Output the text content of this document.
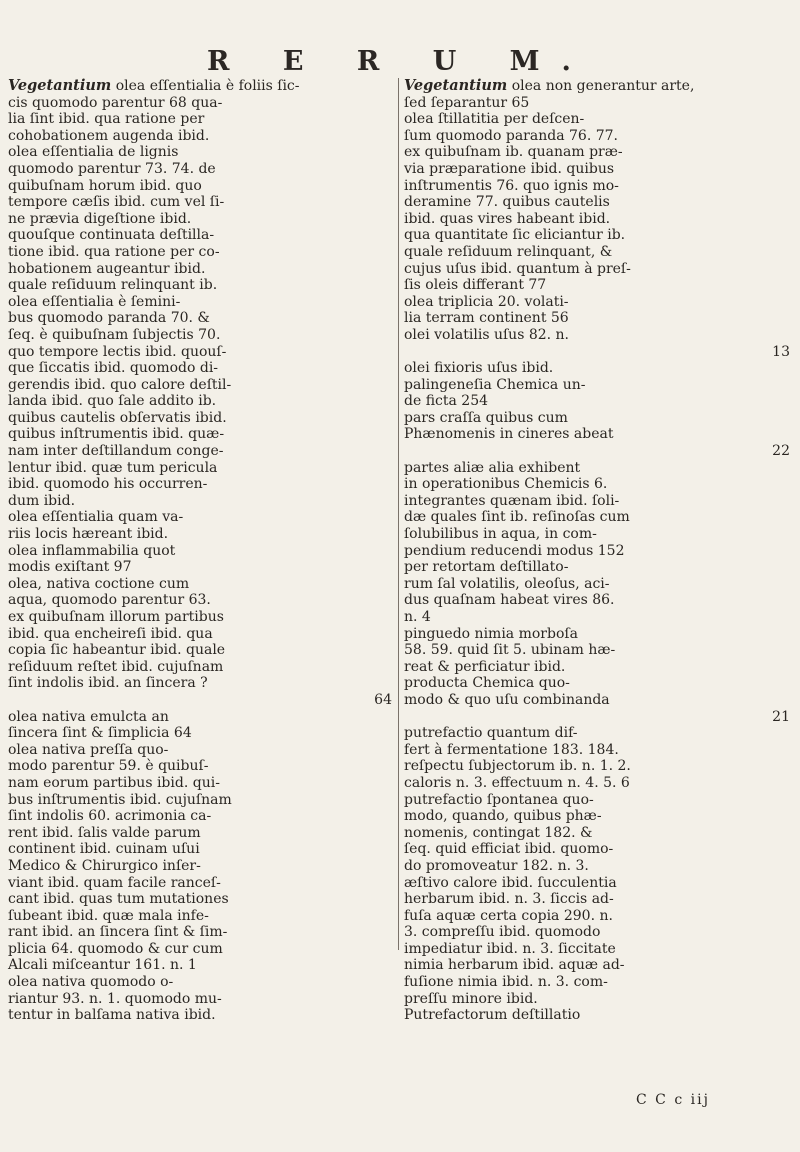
R E R U M.
Vegetantium olea eſſentialia è foliis ſic-
cis quomodo parentur 68 qua-
lia ſint ibid. qua ratione per
cohobationem augenda ibid.
olea eſſentialia de lignis
quomodo parentur 73. 74. de
quibuſnam horum ibid. quo
tempore cæſis ibid. cum vel ſi-
ne prævia digeſtione ibid.
quouſque continuata deſtilla-
tione ibid. qua ratione per co-
hobationem augeantur ibid.
quale reſiduum relinquant ib.
olea eſſentialia è ſemini-
bus quomodo paranda 70. &
ſeq. è quibuſnam ſubjectis 70.
quo tempore lectis ibid. quouſ-
que ſiccatis ibid. quomodo di-
gerendis ibid. quo calore deſtil-
landa ibid. quo ſale addito ib.
quibus cautelis obſervatis ibid.
quibus inſtrumentis ibid. quæ-
nam inter deſtillandum conge-
lentur ibid. quæ tum pericula
ibid. quomodo his occurren-
dum ibid.
olea eſſentialia quam va-
riis locis hæreant ibid.
olea inflammabilia quot
modis exiſtant 97
olea, nativa coctione cum
aqua, quomodo parentur 63.
ex quibuſnam illorum partibus
ibid. qua encheireſi ibid. qua
copia ſic habeantur ibid. quale
reſiduum reſtet ibid. cujuſnam
ſint indolis ibid. an ſincera ?
64
olea nativa emulcta an
ſincera ſint & ſimplicia 64
olea nativa preſſa quo-
modo parentur 59. è quibuſ-
nam eorum partibus ibid. qui-
bus inſtrumentis ibid. cujuſnam
ſint indolis 60. acrimonia ca-
rent ibid. ſalis valde parum
continent ibid. cuinam uſui
Medico & Chirurgico inſer-
viant ibid. quam facile ranceſ-
cant ibid. quas tum mutationes
ſubeant ibid. quæ mala infe-
rant ibid. an ſincera ſint & ſim-
plicia 64. quomodo & cur cum
Alcali miſceantur 161. n. 1
olea nativa quomodo o-
riantur 93. n. 1. quomodo mu-
tentur in balſama nativa ibid.
Vegetantium olea non generantur arte,
ſed ſeparantur 65
olea ſtillatitia per deſcen-
ſum quomodo paranda 76. 77.
ex quibuſnam ib. quanam præ-
via præparatione ibid. quibus
inſtrumentis 76. quo ignis mo-
deramine 77. quibus cautelis
ibid. quas vires habeant ibid.
qua quantitate ſic eliciantur ib.
quale reſiduum relinquant, &
cujus uſus ibid. quantum à preſ-
ſis oleis differant 77
olea triplicia 20. volati-
lia terram continent 56
olei volatilis uſus 82. n.
13
olei fixioris uſus ibid.
palingeneſia Chemica un-
de ficta 254
pars craſſa quibus cum
Phænomenis in cineres abeat
22
partes aliæ alia exhibent
in operationibus Chemicis 6.
integrantes quænam ibid. ſoli-
dæ quales ſint ib. reſinoſas cum
ſolubilibus in aqua, in com-
pendium reducendi modus 152
per retortam deſtillato-
rum ſal volatilis, oleoſus, aci-
dus quaſnam habeat vires 86.
n. 4
pinguedo nimia morboſa
58. 59. quid ſit 5. ubinam hæ-
reat & perficiatur ibid.
producta Chemica quo-
modo & quo uſu combinanda
21
putrefactio quantum dif-
fert à fermentatione 183. 184.
reſpectu ſubjectorum ib. n. 1. 2.
caloris n. 3. effectuum n. 4. 5. 6
putrefactio ſpontanea quo-
modo, quando, quibus phæ-
nomenis, contingat 182. &
ſeq. quid efficiat ibid. quomo-
do promoveatur 182. n. 3.
æſtivo calore ibid. ſucculentia
herbarum ibid. n. 3. ſiccis ad-
fuſa aquæ certa copia 290. n.
3. compreſſu ibid. quomodo
impediatur ibid. n. 3. ſiccitate
nimia herbarum ibid. aquæ ad-
fuſione nimia ibid. n. 3. com-
preſſu minore ibid.
Putrefactorum deſtillatio
C C c iij
